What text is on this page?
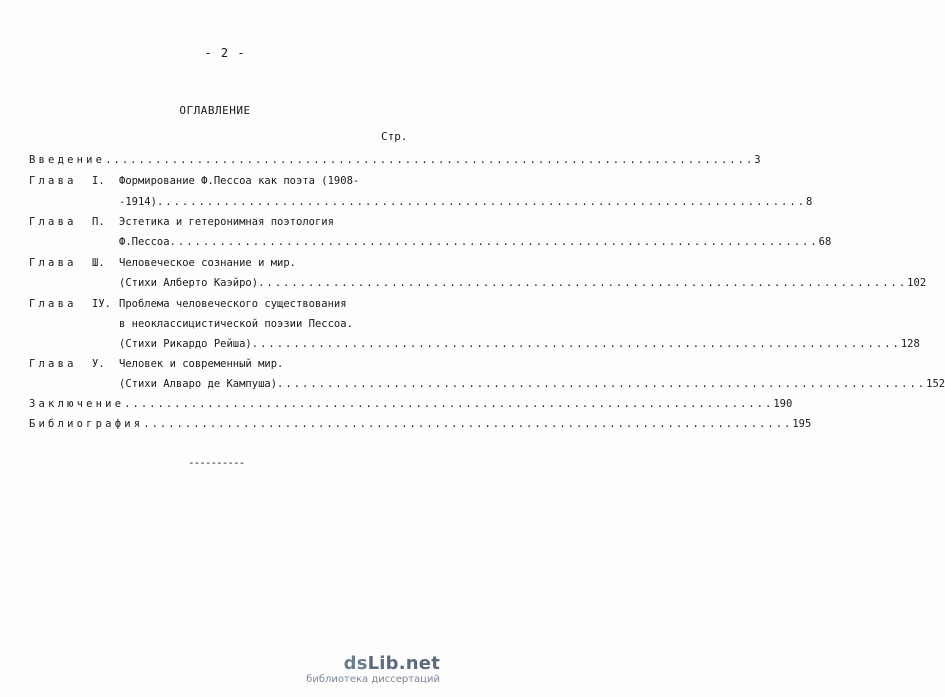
- 2 -
ОГЛАВЛЕНИЕ
Стр.
Введение .............................................................................. 3
Глава I. Формирование Ф.Пессоа как поэта (1908-
-1914) .............................................................................. 8
Глава П. Эстетика и гетеронимная поэтология
Ф.Пессоа .............................................................................. 68
Глава Ш. Человеческое сознание и мир.
(Стихи Алберто Каэйро) .............................................................................. 102
Глава IУ. Проблема человеческого существования
в неоклассицистической поэзии Пессоа.
(Стихи Рикардо Рейша) .............................................................................. 128
Глава У. Человек и современный мир.
(Стихи Алваро де Кампуша) .............................................................................. 152
Заключение .............................................................................. 190
Библиография .............................................................................. 195
----------
dsLib.net
библиотека диссертаций
